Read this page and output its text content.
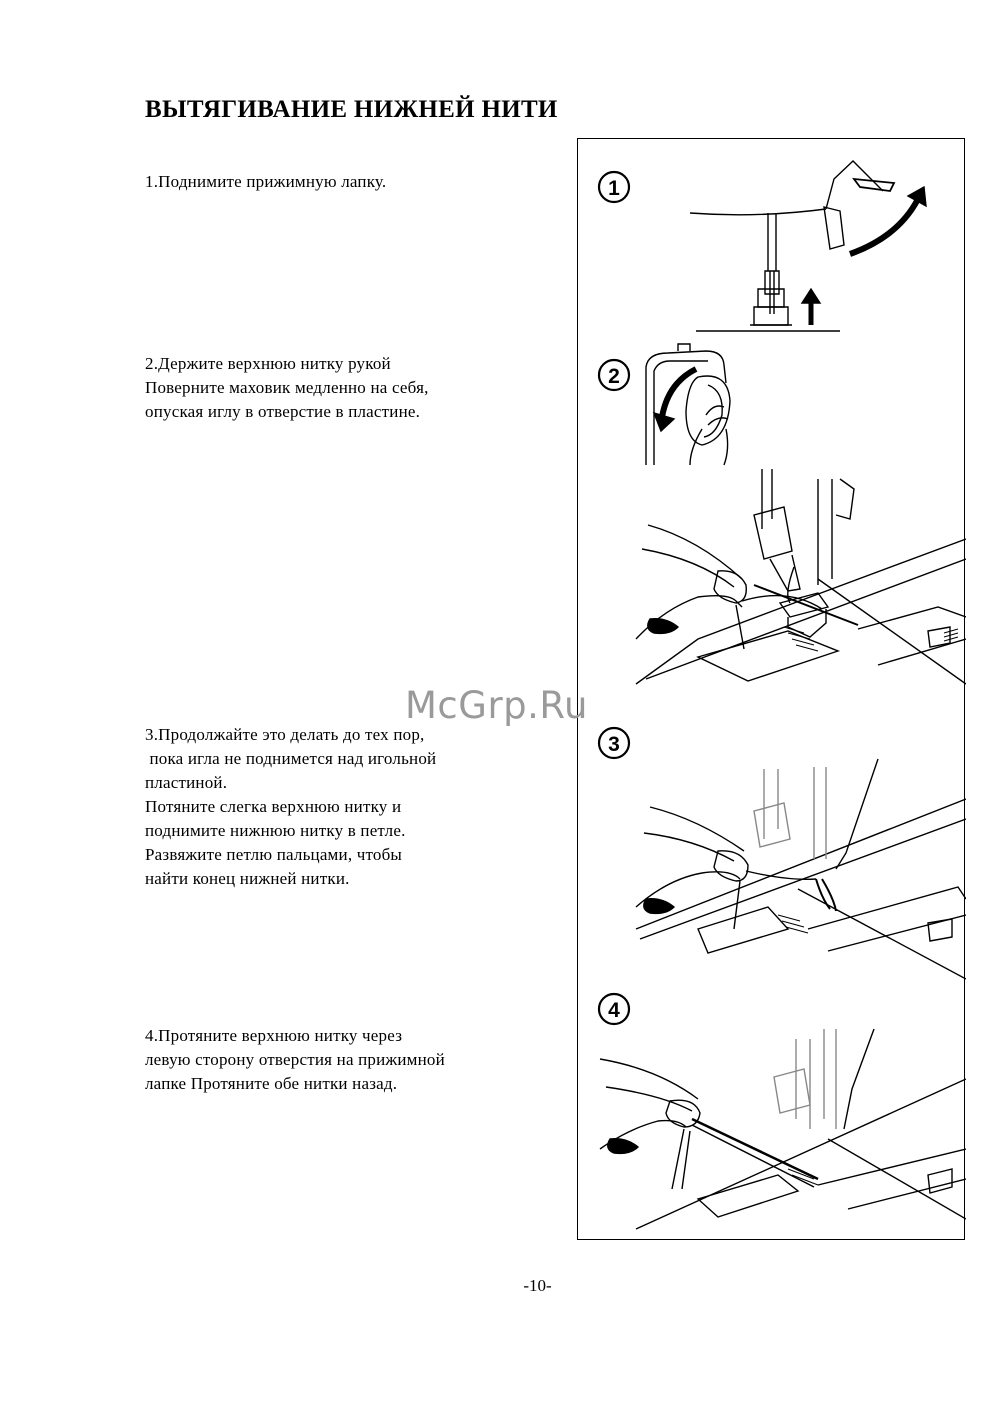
ВЫТЯГИВАНИЕ НИЖНЕЙ НИТИ
1.Поднимите прижимную лапку.
2.Держите верхнюю нитку рукой
Поверните маховик медленно на себя,
опуская иглу в отверстие в пластине.
3.Продолжайте это делать до тех пор,
пока игла не поднимется над игольной
пластиной.
Потяните слегка верхнюю нитку и
поднимите нижнюю нитку в петле.
Развяжите петлю пальцами, чтобы
найти конец нижней нитки.
4.Протяните верхнюю нитку через
левую сторону отверстия на прижимной
лапке Протяните обе нитки назад.
1
2
3
4
McGrp.Ru
-10-
